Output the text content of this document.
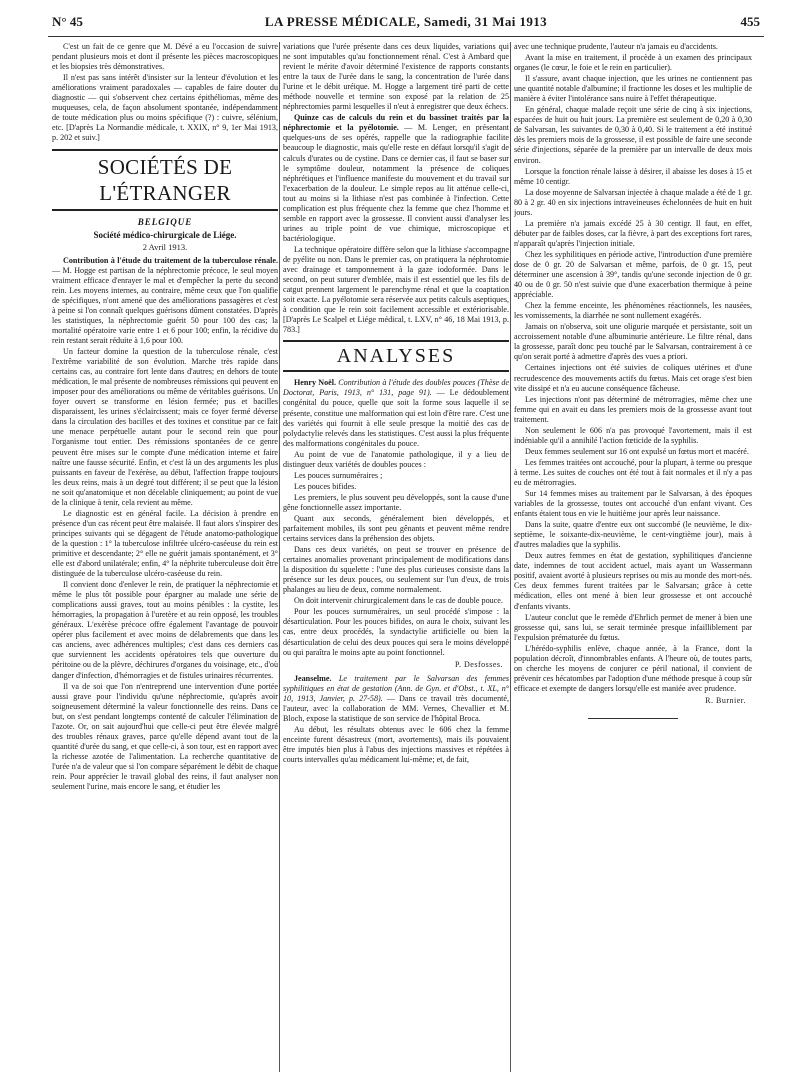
N° 45	LA PRESSE MÉDICALE, Samedi, 31 Mai 1913	455

C'est un fait de ce genre que M. Dévé a eu l'occasion de suivre pendant plusieurs mois et dont il présente les pièces macroscopiques et les biopsies très démonstratives.

Il n'est pas sans intérêt d'insister sur la lenteur d'évolution et les améliorations vraiment paradoxales — capables de faire douter du diagnostic — qui s'observent chez certains épithéliomas, même des muqueuses, cela, de façon absolument spontanée, indépendamment de toute médication plus ou moins spécifique (?) : cuivre, sélénium, etc. [D'après La Normandie médicale, t. XXIX, n° 9, 1er Mai 1913, p. 202 et suiv.]

SOCIÉTÉS DE L'ÉTRANGER
BELGIQUE
Société médico-chirurgicale de Liége.
2 Avril 1913.

Contribution à l'étude du traitement de la tuberculose rénale. — M. Hogge est partisan de la néphrectomie précoce, le seul moyen vraiment efficace d'enrayer le mal et d'empêcher la perte du second rein. Les moyens internes, au contraire, même ceux que l'on qualifie de spécifiques, n'ont amené que des améliorations passagères et c'est à peine si l'on connaît quelques guérisons dûment constatées. D'après les statistiques, la néphrectomie guérit 50 pour 100 des cas; la mortalité opératoire varie entre 1 et 6 pour 100; enfin, la récidive du rein restant serait réduite à 1,6 pour 100.

Un facteur domine la question de la tuberculose rénale, c'est l'extrême variabilité de son évolution. Marche très rapide dans certains cas, au contraire fort lente dans d'autres; en dehors de toute médication, le mal présente de nombreuses rémissions qui peuvent en imposer pour des améliorations ou même de véritables guérisons. Un foyer ouvert se transforme en lésion fermée; pus et bacilles disparaissent, les urines s'éclaircissent; mais ce foyer fermé déverse dans la circulation des bacilles et des toxines et constitue par ce fait une menace perpétuelle autant pour le second rein que pour l'organisme tout entier. Des rémissions spontanées de ce genre peuvent être mises sur le compte d'une médication interne et faire naître une fausse sécurité. Enfin, et c'est là un des arguments les plus puissants en faveur de l'exérèse, au début, l'affection frappe toujours les deux reins, mais à un degré tout différent; il se peut que la lésion ne soit qu'anatomique et non décelable cliniquement; au point de vue de la clinique à tenir, cela revient au même.

Le diagnostic est en général facile. La décision à prendre en présence d'un cas récent peut être malaisée. Il faut alors s'inspirer des principes suivants qui se dégagent de l'étude anatomo-pathologique de la question : 1° la tuberculose infiltrée ulcéro-caséeuse du rein est primitive et descendante; 2° elle ne guérit jamais spontanément, et 3° elle est d'abord unilatérale; enfin, 4° la néphrite tuberculeuse doit être distinguée de la tuberculose ulcéro-caséeuse du rein.

Il convient donc d'enlever le rein, de pratiquer la néphrectomie et même le plus tôt possible pour épargner au malade une série de complications aussi graves, tout au moins pénibles : la cystite, les hémorragies, la propagation à l'uretère et au rein opposé, les troubles généraux. L'exérèse précoce offre également l'avantage de pouvoir opérer plus facilement et avec moins de délabrements que dans les cas anciens, avec adhérences multiples; c'est dans ces derniers cas que surviennent les accidents opératoires tels que ouverture du péritoine ou de la plèvre, déchirures d'organes du voisinage, etc., d'où danger d'infection, d'hémorragies et de fistules urinaires récurrentes.

Il va de soi que l'on n'entreprend une intervention d'une portée aussi grave pour l'individu qu'une néphrectomie, qu'après avoir soigneusement déterminé la valeur fonctionnelle des reins. Dans ce but, on s'est pendant longtemps contenté de calculer l'élimination de l'azote. Or, on sait aujourd'hui que celle-ci peut être élevée malgré des troubles rénaux graves, parce qu'elle dépend avant tout de la quantité d'urée du sang, et que celle-ci, à son tour, est en rapport avec la richesse azotée de l'alimentation. La recherche quantitative de l'urée n'a de valeur que si l'on compare séparément le débit de chaque rein. Pour apprécier le travail global des reins, il faut analyser non seulement l'urine, mais encore le sang, et étudier les

variations que l'urée présente dans ces deux liquides, variations qui ne sont imputables qu'au fonctionnement rénal. C'est à Ambard que revient le mérite d'avoir déterminé l'existence de rapports constants entre la taux de l'urée dans le sang, la concentration de l'urée dans l'urine et le débit uréique. M. Hogge a largement tiré parti de cette méthode nouvelle et termine son exposé par la relation de 25 néphrectomies parmi lesquelles il n'eut à enregistrer que deux échecs.

Quinze cas de calculs du rein et du bassinet traités par la néphrectomie et la pyélotomie. — M. Lenger, en présentant quelques-uns de ses opérés, rappelle que la radiographie facilite beaucoup le diagnostic, mais qu'elle reste en défaut lorsqu'il s'agit de calculs d'urates ou de cystine. Dans ce dernier cas, il faut se baser sur le symptôme douleur, notamment la présence de coliques néphrétiques et l'influence manifeste du mouvement et du travail sur l'exacerbation de la douleur. Le simple repos au lit atténue celle-ci, tout au moins si la lithiase n'est pas combinée à l'infection. Cette complication est plus fréquente chez la femme que chez l'homme et semble en rapport avec la grossesse. Il convient aussi d'analyser les urines au triple point de vue chimique, microscopique et bactériologique.

La technique opératoire diffère selon que la lithiase s'accompagne de pyélite ou non. Dans le premier cas, on pratiquera la néphrotomie avec drainage et tamponnement à la gaze iodoformée. Dans le second, on peut suturer d'emblée, mais il est essentiel que les fils de catgut prennent largement le parenchyme rénal et que la coaptation soit exacte. La pyélotomie sera réservée aux petits calculs aseptiques, à condition que le rein soit facilement accessible et extériorisable. [D'après Le Scalpel et Liége médical, t. LXV, n° 46, 18 Mai 1913, p. 783.]

ANALYSES

Henry Noël. Contribution à l'étude des doubles pouces (Thèse de Doctorat, Paris, 1913, n° 131, page 91). — Le dédoublement congénital du pouce, quelle que soit la forme sous laquelle il se présente, constitue une malformation qui est loin d'être rare. C'est une des variétés qui fournit à elle seule presque la moitié des cas de polydactylie relevés dans les statistiques. C'est aussi la plus fréquente des malformations congénitales du pouce.

Au point de vue de l'anatomie pathologique, il y a lieu de distinguer deux variétés de doubles pouces :

Les pouces surnuméraires ;

Les pouces bifides.

Les premiers, le plus souvent peu développés, sont la cause d'une gêne fonctionnelle assez importante.

Quant aux seconds, généralement bien développés, et parfaitement mobiles, ils sont peu gênants et peuvent même rendre certains services dans la préhension des objets.

Dans ces deux variétés, on peut se trouver en présence de certaines anomalies provenant principalement de modifications dans la disposition du squelette : l'une des plus curieuses consiste dans la présence sur les deux pouces, ou seulement sur l'un d'eux, de trois phalanges au lieu de deux, comme normalement.

On doit intervenir chirurgicalement dans le cas de double pouce.

Pour les pouces surnuméraires, un seul procédé s'impose : la désarticulation. Pour les pouces bifides, on aura le choix, suivant les cas, entre deux procédés, la syndactylie artificielle ou bien la désarticulation de celui des deux pouces qui sera le moins développé ou qui paraîtra le moins apte au point fonctionnel.

P. Desfosses.

Jeanselme. Le traitement par le Salvarsan des femmes syphilitiques en état de gestation (Ann. de Gyn. et d'Obst., t. XL, n° 10, 1913, Janvier, p. 27-58). — Dans ce travail très documenté, l'auteur, avec la collaboration de MM. Vernes, Chevallier et M. Bloch, expose la statistique de son service de l'hôpital Broca.

Au début, les résultats obtenus avec le 606 chez la femme enceinte furent désastreux (mort, avortements), mais ils pouvaient être imputés bien plus à l'abus des injections massives et répétées à courts intervalles qu'au médicament lui-même; et, de fait,

avec une technique prudente, l'auteur n'a jamais eu d'accidents.

Avant la mise en traitement, il procède à un examen des principaux organes (le cœur, le foie et le rein en particulier).

Il s'assure, avant chaque injection, que les urines ne contiennent pas une quantité notable d'albumine; il fractionne les doses et les multiplie de manière à éviter l'intolérance sans nuire à l'effet thérapeutique.

En général, chaque malade reçoit une série de cinq à six injections, espacées de huit ou huit jours. La première est seulement de 0,20 à 0,30 de Salvarsan, les suivantes de 0,30 à 0,40. Si le traitement a été institué dès les premiers mois de la grossesse, il est possible de faire une seconde série d'injections, séparée de la première par un intervalle de deux mois environ.

Lorsque la fonction rénale laisse à désirer, il abaisse les doses à 15 et même 10 centigr.

La dose moyenne de Salvarsan injectée à chaque malade a été de 1 gr. 80 à 2 gr. 40 en six injections intraveineuses échelonnées de huit en huit jours.

La première n'a jamais excédé 25 à 30 centigr. Il faut, en effet, débuter par de faibles doses, car la fièvre, à part des exceptions fort rares, n'apparaît qu'après l'injection initiale.

Chez les syphilitiques en période active, l'introduction d'une première dose de 0 gr. 20 de Salvarsan et même, parfois, de 0 gr. 15, peut déterminer une ascension à 39°, tandis qu'une seconde injection de 0 gr. 40 ou de 0 gr. 50 n'est suivie que d'une exacerbation thermique à peine appréciable.

Chez la femme enceinte, les phénomènes réactionnels, les nausées, les vomissements, la diarrhée ne sont nullement exagérés.

Jamais on n'observa, soit une oligurie marquée et persistante, soit un accroissement notable d'une albuminurie antérieure. Le filtre rénal, dans la grossesse, paraît donc peu touché par le Salvarsan, contrairement à ce qu'on serait porté à admettre d'après des vues a priori.

Certaines injections ont été suivies de coliques utérines et d'une recrudescence des mouvements actifs du fœtus. Mais cet orage s'est bien vite dissipé et n'a eu aucune conséquence fâcheuse.

Les injections n'ont pas déterminé de métrorragies, même chez une femme qui en avait eu dans les premiers mois de la grossesse avant tout traitement.

Non seulement le 606 n'a pas provoqué l'avortement, mais il est indéniable qu'il a annihilé l'action fœticide de la syphilis.

Deux femmes seulement sur 16 ont expulsé un fœtus mort et macéré.

Les femmes traitées ont accouché, pour la plupart, à terme ou presque à terme. Les suites de couches ont été tout à fait normales et il n'y a pas eu de métrorragies.

Sur 14 femmes mises au traitement par le Salvarsan, à des époques variables de la grossesse, toutes ont accouché d'un enfant vivant. Ces enfants étaient tous en vie le huitième jour après leur naissance.

Dans la suite, quatre d'entre eux ont succombé (le neuvième, le dix-septième, le soixante-dix-neuvième, le cent-vingtième jour), mais à d'autres maladies que la syphilis.

Deux autres femmes en état de gestation, syphilitiques d'ancienne date, indemnes de tout accident actuel, mais ayant un Wassermann positif, avaient avorté à plusieurs reprises ou mis au monde des mort-nés. Ces deux femmes furent traitées par le Salvarsan; grâce à cette médication, elles ont mené à bien leur grossesse et ont accouché d'enfants vivants.

L'auteur conclut que le remède d'Ehrlich permet de mener à bien une grossesse qui, sans lui, se serait terminée presque infailliblement par l'expulsion prématurée du fœtus.

L'hérédo-syphilis enlève, chaque année, à la France, dont la population décroît, d'innombrables enfants. A l'heure où, de toutes parts, on cherche les moyens de conjurer ce péril national, il convient de prévenir ces hécatombes par l'adoption d'une méthode presque à coup sûr efficace et exempte de dangers lorsqu'elle est maniée avec prudence.

R. Burnier.
